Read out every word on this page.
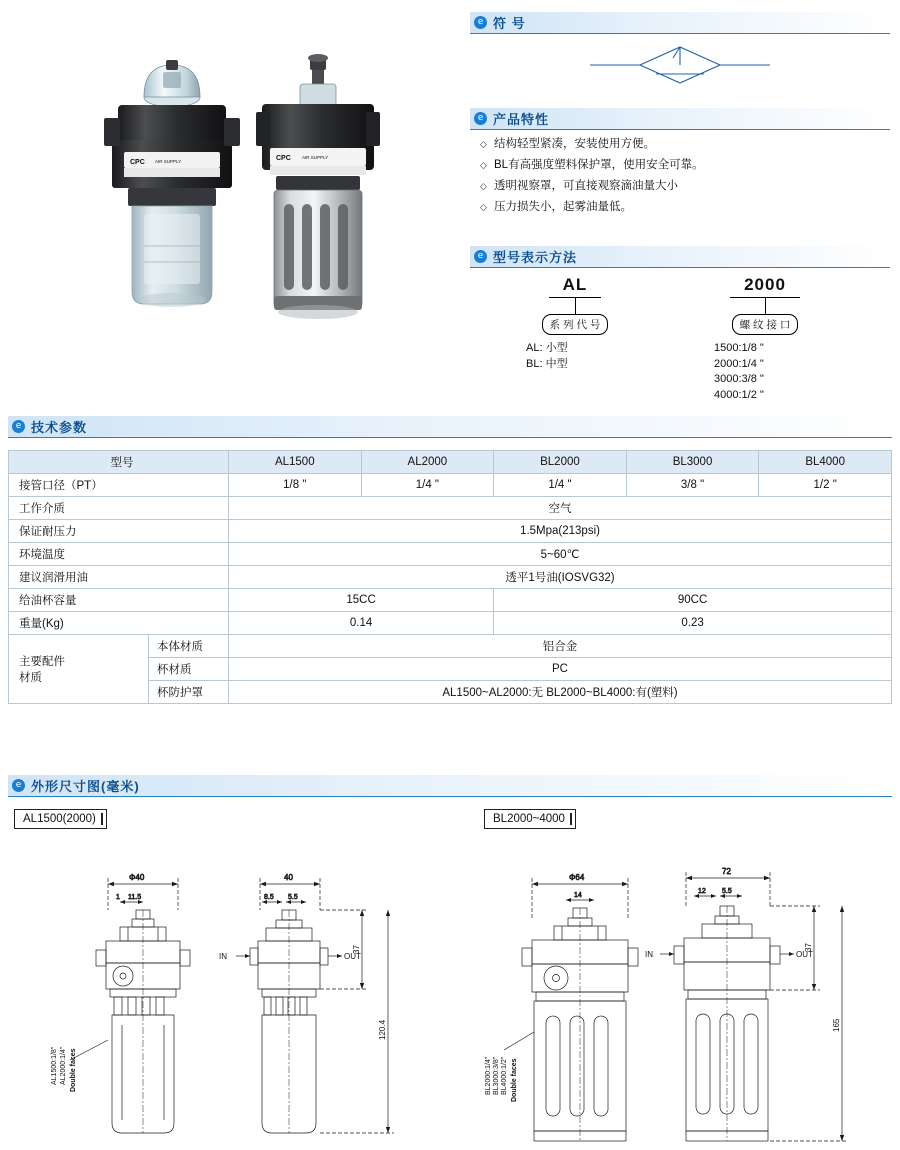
CPC AIR SUPPLY	CPC AIR SUPPLY
e 符 号
e 产品特性
◇ 结构轻型紧凑，安装使用方便。
◇ BL有高强度塑料保护罩，使用安全可靠。
◇ 透明视察罩，可直接观察滴油量大小
◇ 压力损失小，起雾油量低。
e 型号表示方法
AL
系 列 代 号
AL: 小型
BL: 中型
2000
螺 纹 接 口
1500:1/8 "
2000:1/4 "
3000:3/8 "
4000:1/2 "
e 技术参数
型号		AL1500	AL2000	BL2000	BL3000	BL4000
接管口径（PT）		1/8 "	1/4 "	1/4 "	3/8 "	1/2 "
工作介质		空气				
保证耐压力		1.5Mpa(213psi)				
环境温度		5~60℃				
建议润滑用油		透平1号油(IOSVG32)				
给油杯容量		15CC		90CC		
重量(Kg)		0.14		0.23		

主要配件
材质	本体材质	铝合金				
	杯材质	PC				
	杯防护罩	AL1500~AL2000:无 BL2000~BL4000:有(塑料)				
e 外形尺寸图(毫米)
AL1500(2000)	BL2000~4000
Φ40
1 11.5
AL1500:1/8" AL2000:1/4" Double faces
40
8.5 5.5
37
120.4
IN	OUT
Φ64
14
BL2000:1/4" BL3000:3/8" BL4000:1/2" Double faces
72
12 5.5
37
165
IN	OUT
